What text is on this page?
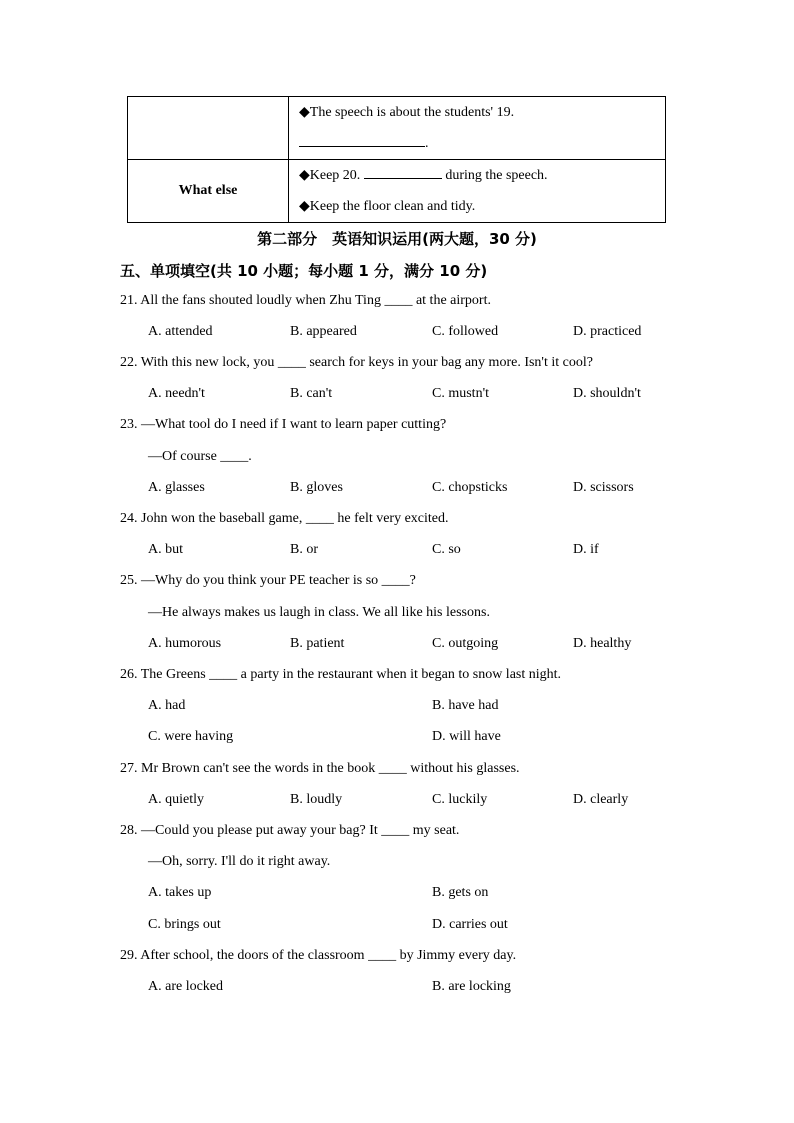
	◆The speech is about the students' 19.
.

What else	◆Keep 20. during the speech.
◆Keep the floor clean and tidy.
第二部分　英语知识运用(两大题，30 分)
五、单项填空(共 10 小题；每小题 1 分，满分 10 分)
21. All the fans shouted loudly when Zhu Ting ____ at the airport.
A. attended	B. appeared	C. followed	D. practiced
22. With this new lock, you ____ search for keys in your bag any more. Isn't it cool?
A. needn't	B. can't	C. mustn't	D. shouldn't
23. —What tool do I need if I want to learn paper cutting?
—Of course ____.
A. glasses	B. gloves	C. chopsticks	D. scissors
24. John won the baseball game, ____ he felt very excited.
A. but	B. or	C. so	D. if
25. —Why do you think your PE teacher is so ____?
—He always makes us laugh in class. We all like his lessons.
A. humorous	B. patient	C. outgoing	D. healthy
26. The Greens ____ a party in the restaurant when it began to snow last night.
A. had	B. have had
C. were having	D. will have
27. Mr Brown can't see the words in the book ____ without his glasses.
A. quietly	B. loudly	C. luckily	D. clearly
28. —Could you please put away your bag? It ____ my seat.
—Oh, sorry. I'll do it right away.
A. takes up	B. gets on
C. brings out	D. carries out
29. After school, the doors of the classroom ____ by Jimmy every day.
A. are locked	B. are locking
